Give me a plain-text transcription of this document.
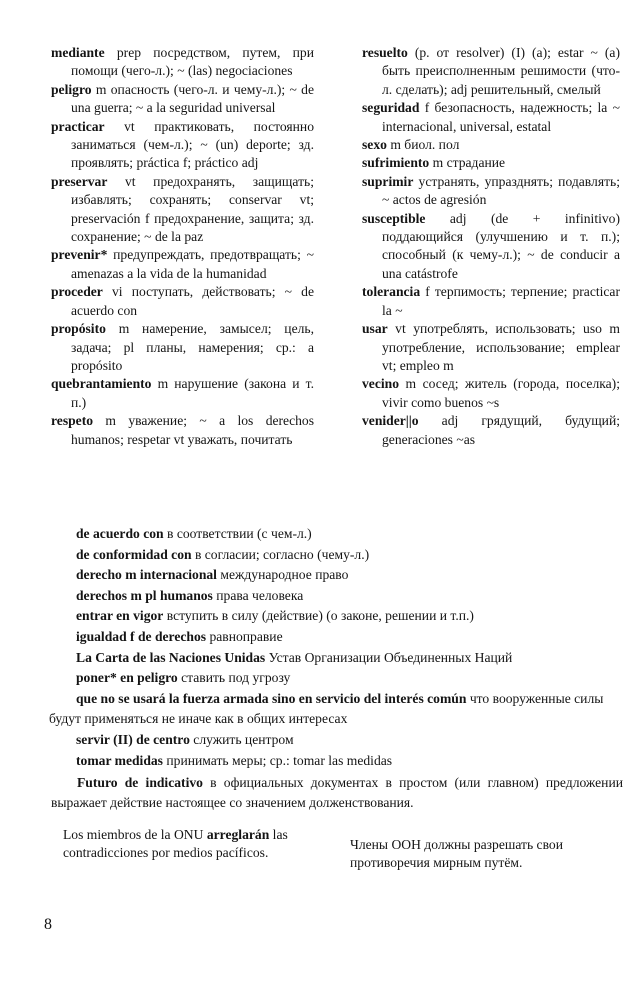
mediante prep посредством, путем, при помощи (чего-л.); ~ (las) negociaciones

peligro m опасность (чего-л. и чему-л.); ~ de una guerra; ~ a la seguridad universal

practicar vt практиковать, постоянно заниматься (чем-л.); ~ (un) deporte; зд. проявлять; práctica f; práctico adj

preservar vt предохранять, защищать; избавлять; сохранять; conservar vt; preservación f предохранение, защита; зд. сохранение; ~ de la paz

prevenir* предупреждать, предотвращать; ~ amenazas a la vida de la humanidad

proceder vi поступать, действовать; ~ de acuerdo con

propósito m намерение, замысел; цель, задача; pl планы, намерения; ср.: a propósito

quebrantamiento m нарушение (закона и т. п.)

respeto m уважение; ~ a los derechos humanos; respetar vt уважать, почитать

resuelto (p. от resolver) (I) (a); estar ~ (a) быть преисполненным решимости (что-л. сделать); adj решительный, смелый

seguridad f безопасность, надежность; la ~ internacional, universal, estatal

sexo m биол. пол

sufrimiento m страдание

suprimir устранять, упразднять; подавлять; ~ actos de agresión

susceptible adj (de + infinitivo) поддающийся (улучшению и т. п.); способный (к чему-л.); ~ de conducir a una catástrofe

tolerancia f терпимость; терпение; practicar la ~

usar vt употреблять, использовать; uso m употребление, использование; emplear vt; empleo m

vecino m сосед; житель (города, поселка); vivir como buenos ~s

venider||o adj грядущий, будущий; generaciones ~as

de acuerdo con в соответствии (с чем-л.)

de conformidad con в согласии; согласно (чему-л.)

derecho m internacional международное право

derechos m pl humanos права человека

entrar en vigor вступить в силу (действие) (о законе, решении и т.п.)

igualdad f de derechos равноправие

La Carta de las Naciones Unidas Устав Организации Объединенных Наций

poner* en peligro ставить под угрозу

que no se usará la fuerza armada sino en servicio del interés común что вооруженные силы будут применяться не иначе как в общих интересах

servir (II) de centro служить центром

tomar medidas принимать меры; ср.: tomar las medidas

Futuro de indicativo в официальных документах в простом (или главном) предложении выражает действие настоящее со значением долженствования.

Los miembros de la ONU arreglarán las contradicciones por medios pacíficos.

Члены ООН должны разрешать свои противоречия мирным путём.

8
